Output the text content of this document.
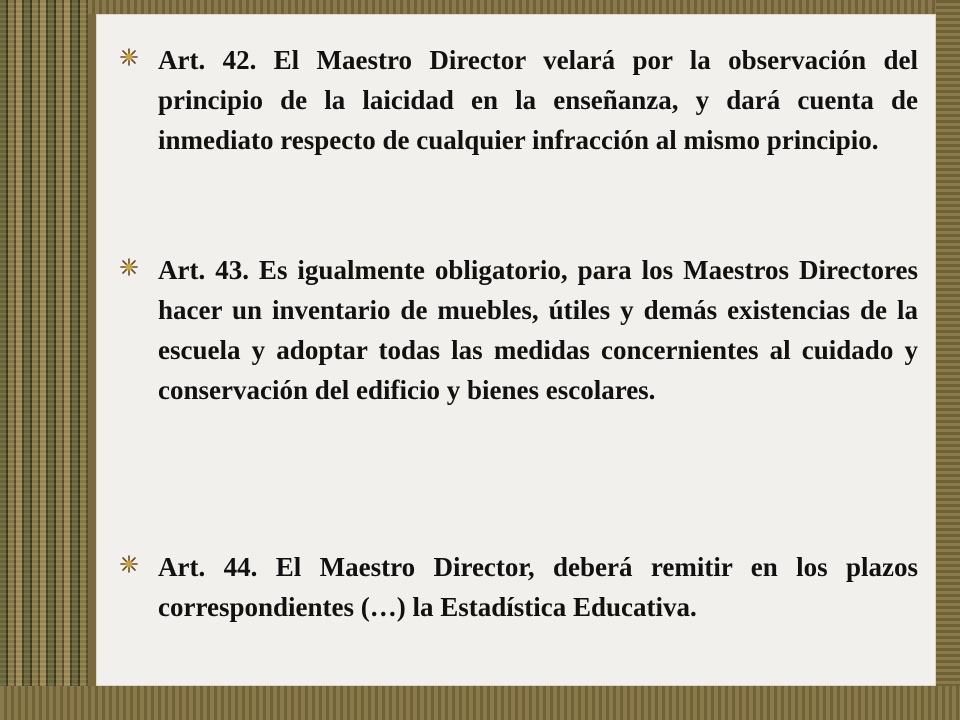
Art. 42. El Maestro Director velará por la observación del principio de la laicidad en la enseñanza, y dará cuenta de inmediato respecto de cualquier infracción al mismo principio.

Art. 43. Es igualmente obligatorio, para los Maestros Directores hacer un inventario de muebles, útiles y demás existencias de la escuela y adoptar todas las medidas concernientes al cuidado y conservación del edificio y bienes escolares.

Art. 44. El Maestro Director, deberá remitir en los plazos correspondientes (…) la Estadística Educativa.
